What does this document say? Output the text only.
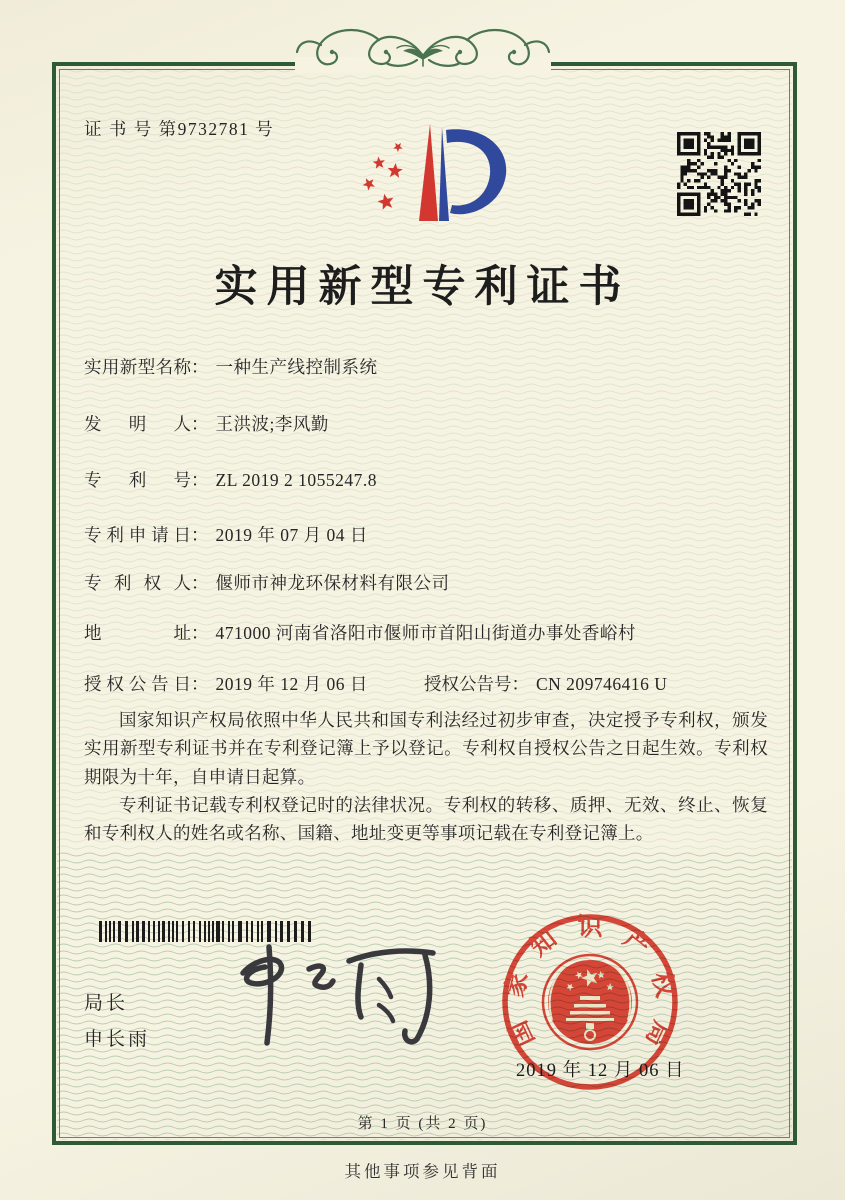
证 书 号 第9732781 号
实用新型专利证书
实用新型名称： 一种生产线控制系统
发明人： 王洪波;李风勤
专利号： ZL 2019 2 1055247.8
专利申请日： 2019 年 07 月 04 日
专利权人： 偃师市神龙环保材料有限公司
地址： 471000 河南省洛阳市偃师市首阳山街道办事处香峪村
授权公告日： 2019 年 12 月 06 日	授权公告号： CN 209746416 U

国家知识产权局依照中华人民共和国专利法经过初步审查，决定授予专利权，颁发实用新型专利证书并在专利登记簿上予以登记。专利权自授权公告之日起生效。专利权期限为十年，自申请日起算。

专利证书记载专利权登记时的法律状况。专利权的转移、质押、无效、终止、恢复和专利权人的姓名或名称、国籍、地址变更等事项记载在专利登记簿上。

局长
申长雨	国
家
知 识 产
权
局
2019 年 12 月 06 日
第 1 页 (共 2 页)
其他事项参见背面
